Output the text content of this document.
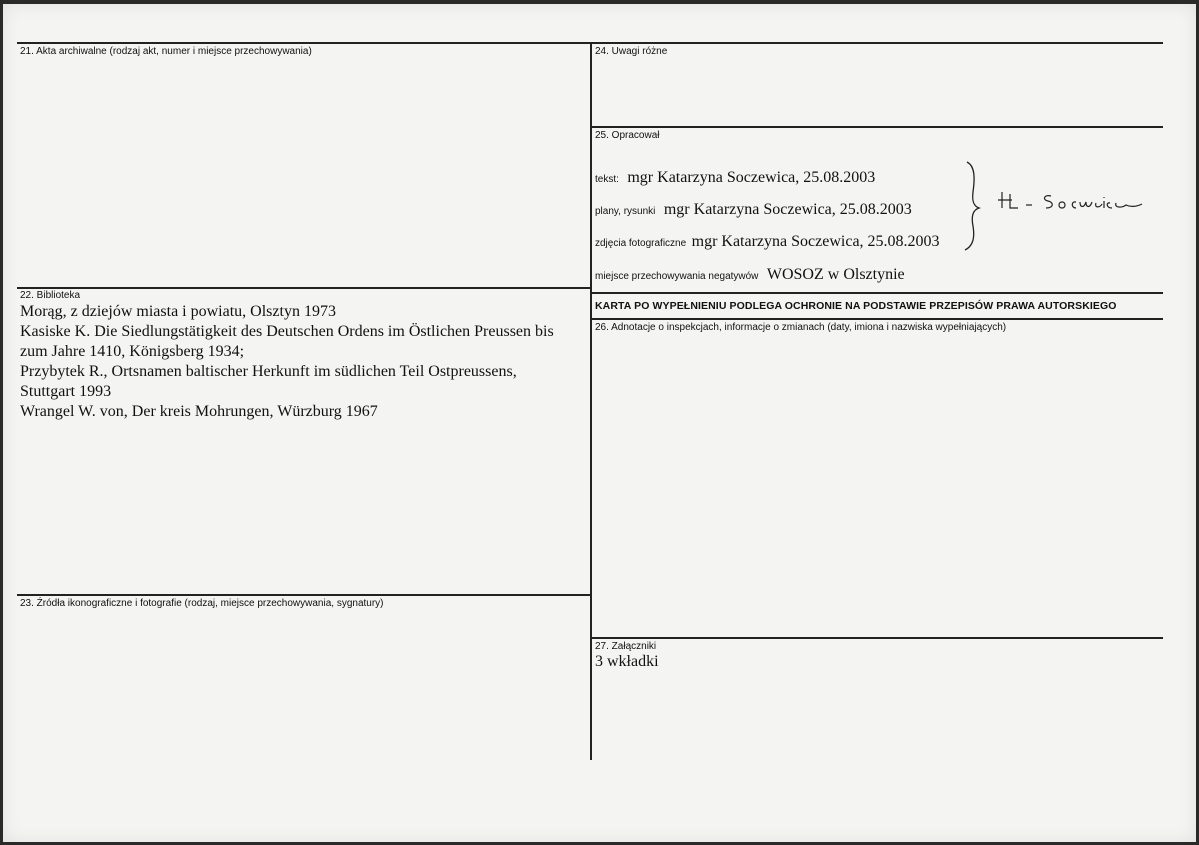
21. Akta archiwalne (rodzaj akt, numer i miejsce przechowywania)
22. Biblioteka
Morąg, z dziejów miasta i powiatu, Olsztyn 1973
Kasiske K. Die Siedlungstätigkeit des Deutschen Ordens im Östlichen Preussen bis
zum Jahre 1410, Königsberg 1934;
Przybytek R., Ortsnamen baltischer Herkunft im südlichen Teil Ostpreussens,
Stuttgart 1993
Wrangel W. von, Der kreis Mohrungen, Würzburg 1967
23. Źródła ikonograficzne i fotografie (rodzaj, miejsce przechowywania, sygnatury)
24. Uwagi różne
25. Opracował
tekst: mgr Katarzyna Soczewica, 25.08.2003
plany, rysunki mgr Katarzyna Soczewica, 25.08.2003
zdjęcia fotograficzne mgr Katarzyna Soczewica, 25.08.2003
miejsce przechowywania negatywów WOSOZ w Olsztynie
KARTA PO WYPEŁNIENIU PODLEGA OCHRONIE NA PODSTAWIE PRZEPISÓW PRAWA AUTORSKIEGO
26. Adnotacje o inspekcjach, informacje o zmianach (daty, imiona i nazwiska wypełniających)
27. Załączniki
3 wkładki
